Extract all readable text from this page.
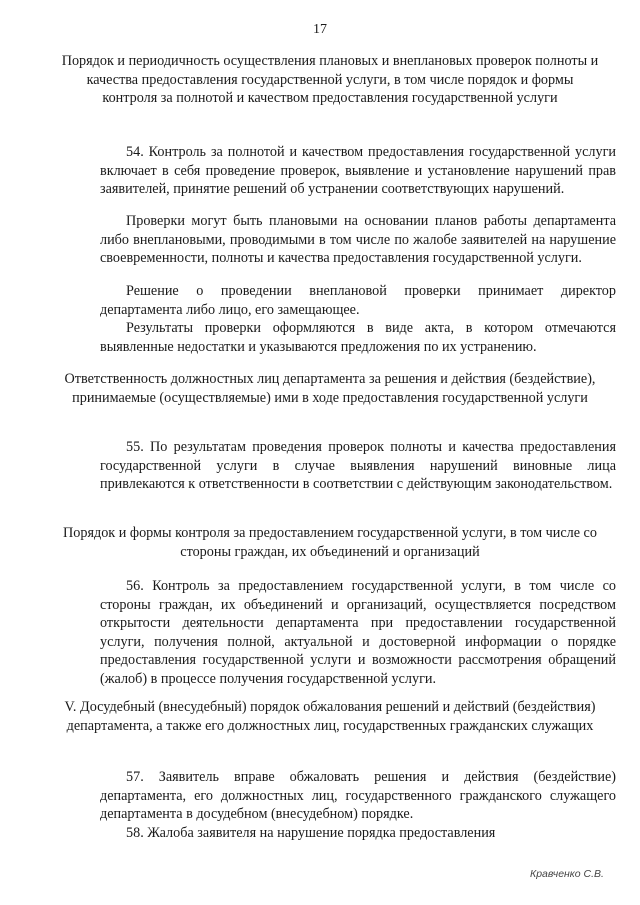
17
Порядок и периодичность осуществления плановых и внеплановых проверок полноты и качества предоставления государственной услуги, в том числе порядок и формы контроля за полнотой и качеством предоставления государственной услуги

54. Контроль за полнотой и качеством предоставления государственной услуги включает в себя проведение проверок, выявление и установление нарушений прав заявителей, принятие решений об устранении соответствующих нарушений.

Проверки могут быть плановыми на основании планов работы департамента либо внеплановыми, проводимыми в том числе по жалобе заявителей на нарушение своевременности, полноты и качества предоставления государственной услуги.

Решение о проведении внеплановой проверки принимает директор департамента либо лицо, его замещающее.

Результаты проверки оформляются в виде акта, в котором отмечаются выявленные недостатки и указываются предложения по их устранению.

Ответственность должностных лиц департамента за решения и действия (бездействие), принимаемые (осуществляемые) ими в ходе предоставления государственной услуги

55. По результатам проведения проверок полноты и качества предоставления государственной услуги в случае выявления нарушений виновные лица привлекаются к ответственности в соответствии с действующим законодательством.

Порядок и формы контроля за предоставлением государственной услуги, в том числе со стороны граждан, их объединений и организаций

56. Контроль за предоставлением государственной услуги, в том числе со стороны граждан, их объединений и организаций, осуществляется посредством открытости деятельности департамента при предоставлении государственной услуги, получения полной, актуальной и достоверной информации о порядке предоставления государственной услуги и возможности рассмотрения обращений (жалоб) в процессе получения государственной услуги.

V. Досудебный (внесудебный) порядок обжалования решений и действий (бездействия) департамента, а также его должностных лиц, государственных гражданских служащих

57. Заявитель вправе обжаловать решения и действия (бездействие) департамента, его должностных лиц, государственного гражданского служащего департамента в досудебном (внесудебном) порядке.

58. Жалоба заявителя на нарушение порядка предоставления

Кравченко С.В.
